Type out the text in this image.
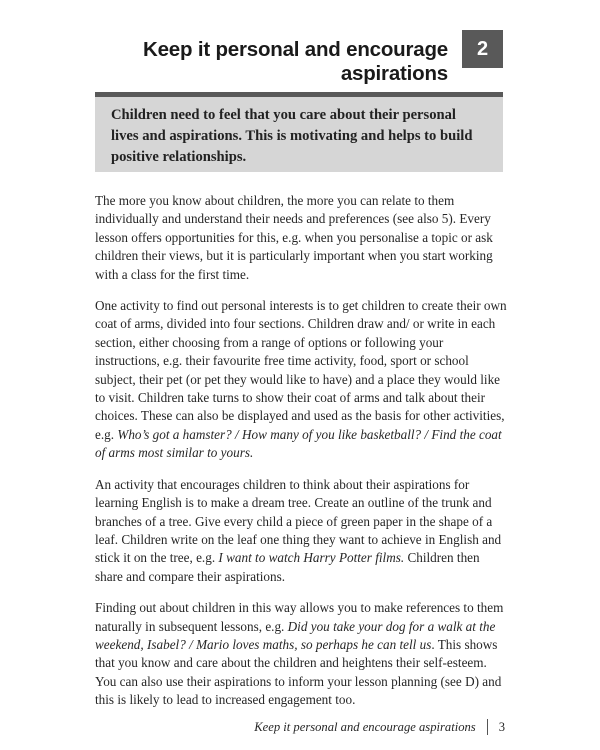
Keep it personal and encourage aspirations
2
Children need to feel that you care about their personal lives and aspirations. This is motivating and helps to build positive relationships.

The more you know about children, the more you can relate to them individually and understand their needs and preferences (see also 5). Every lesson offers opportunities for this, e.g. when you personalise a topic or ask children their views, but it is particularly important when you start working with a class for the first time.

One activity to find out personal interests is to get children to create their own coat of arms, divided into four sections. Children draw and/ or write in each section, either choosing from a range of options or following your instructions, e.g. their favourite free time activity, food, sport or school subject, their pet (or pet they would like to have) and a place they would like to visit. Children take turns to show their coat of arms and talk about their choices. These can also be displayed and used as the basis for other activities, e.g. Who’s got a hamster? / How many of you like basketball? / Find the coat of arms most similar to yours.

An activity that encourages children to think about their aspirations for learning English is to make a dream tree. Create an outline of the trunk and branches of a tree. Give every child a piece of green paper in the shape of a leaf. Children write on the leaf one thing they want to achieve in English and stick it on the tree, e.g. I want to watch Harry Potter films. Children then share and compare their aspirations.

Finding out about children in this way allows you to make references to them naturally in subsequent lessons, e.g. Did you take your dog for a walk at the weekend, Isabel? / Mario loves maths, so perhaps he can tell us. This shows that you know and care about the children and heightens their self-esteem. You can also use their aspirations to inform your lesson planning (see D) and this is likely to lead to increased engagement too.

Keep it personal and encourage aspirations 3
